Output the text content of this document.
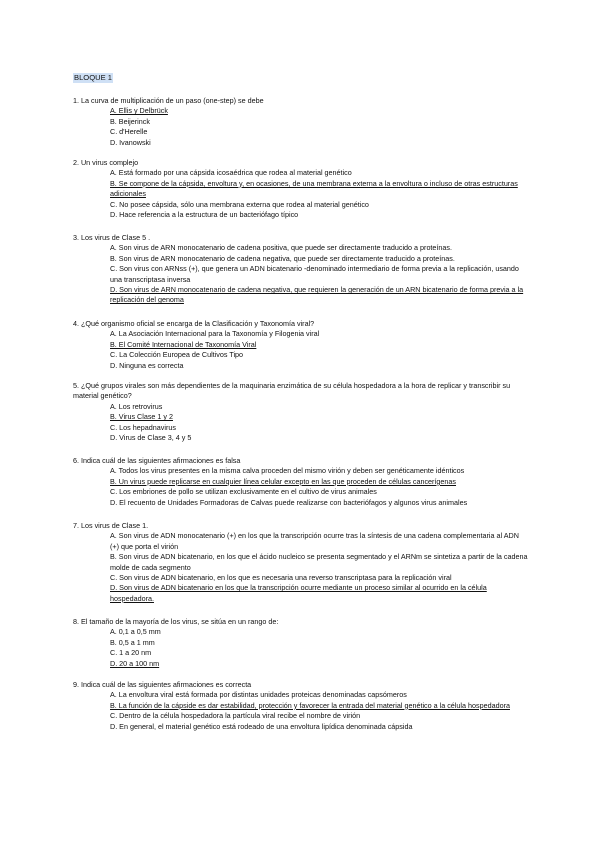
BLOQUE 1

1. La curva de multiplicación de un paso (one-step) se debe

A. Ellis y Delbrück

B. Beijerinck

C. d'Herelle

D. Ivanowski

2. Un virus complejo

A. Está formado por una cápsida icosaédrica que rodea al material genético

B. Se compone de la cápsida, envoltura y, en ocasiones, de una membrana externa a la envoltura o incluso de otras estructuras adicionales

C. No posee cápsida, sólo una membrana externa que rodea al material genético

D. Hace referencia a la estructura de un bacteriófago típico

3. Los virus de Clase 5 .

A. Son virus de ARN monocatenario de cadena positiva, que puede ser directamente traducido a proteínas.

B. Son virus de ARN monocatenario de cadena negativa, que puede ser directamente traducido a proteínas.

C. Son virus con ARNss (+), que genera un ADN bicatenario -denominado intermediario de forma previa a la replicación, usando una transcriptasa inversa

D. Son virus de ARN monocatenario de cadena negativa, que requieren la generación de un ARN bicatenario de forma previa a la replicación del genoma

4. ¿Qué organismo oficial se encarga de la Clasificación y Taxonomía viral?

A. La Asociación Internacional para la Taxonomía y Filogenia viral

B. El Comité Internacional de Taxonomía Viral

C. La Colección Europea de Cultivos Tipo

D. Ninguna es correcta

5. ¿Qué grupos virales son más dependientes de la maquinaria enzimática de su célula hospedadora a la hora de replicar y transcribir su material genético?

A. Los retrovirus

B. Virus Clase 1 y 2

C. Los hepadnavirus

D. Virus de Clase 3, 4 y 5

6. Indica cuál de las siguientes afirmaciones es falsa

A. Todos los virus presentes en la misma calva proceden del mismo virión y deben ser genéticamente idénticos

B. Un virus puede replicarse en cualquier línea celular excepto en las que proceden de células cancerígenas

C. Los embriones de pollo se utilizan exclusivamente en el cultivo de virus animales

D. El recuento de Unidades Formadoras de Calvas puede realizarse con bacteriófagos y algunos virus animales

7. Los virus de Clase 1.

A. Son virus de ADN monocatenario (+) en los que la transcripción ocurre tras la síntesis de una cadena complementaria al ADN (+) que porta el virión

B. Son virus de ADN bicatenario, en los que el ácido nucleico se presenta segmentado y el ARNm se sintetiza a partir de la cadena molde de cada segmento

C. Son virus de ADN bicatenario, en los que es necesaria una reverso transcriptasa para la replicación viral

D. Son virus de ADN bicatenario en los que la transcripción ocurre mediante un proceso similar al ocurrido en la célula hospedadora.

8. El tamaño de la mayoría de los virus, se sitúa en un rango de:

A. 0,1 a 0,5 mm

B. 0,5 a 1 mm

C. 1 a 20 nm

D. 20 a 100 nm

9. Indica cuál de las siguientes afirmaciones es correcta

A. La envoltura viral está formada por distintas unidades proteicas denominadas capsómeros

B. La función de la cápside es dar estabilidad, protección y favorecer la entrada del material genético a la célula hospedadora

C. Dentro de la célula hospedadora la partícula viral recibe el nombre de virión

D. En general, el material genético está rodeado de una envoltura lipídica denominada cápsida
